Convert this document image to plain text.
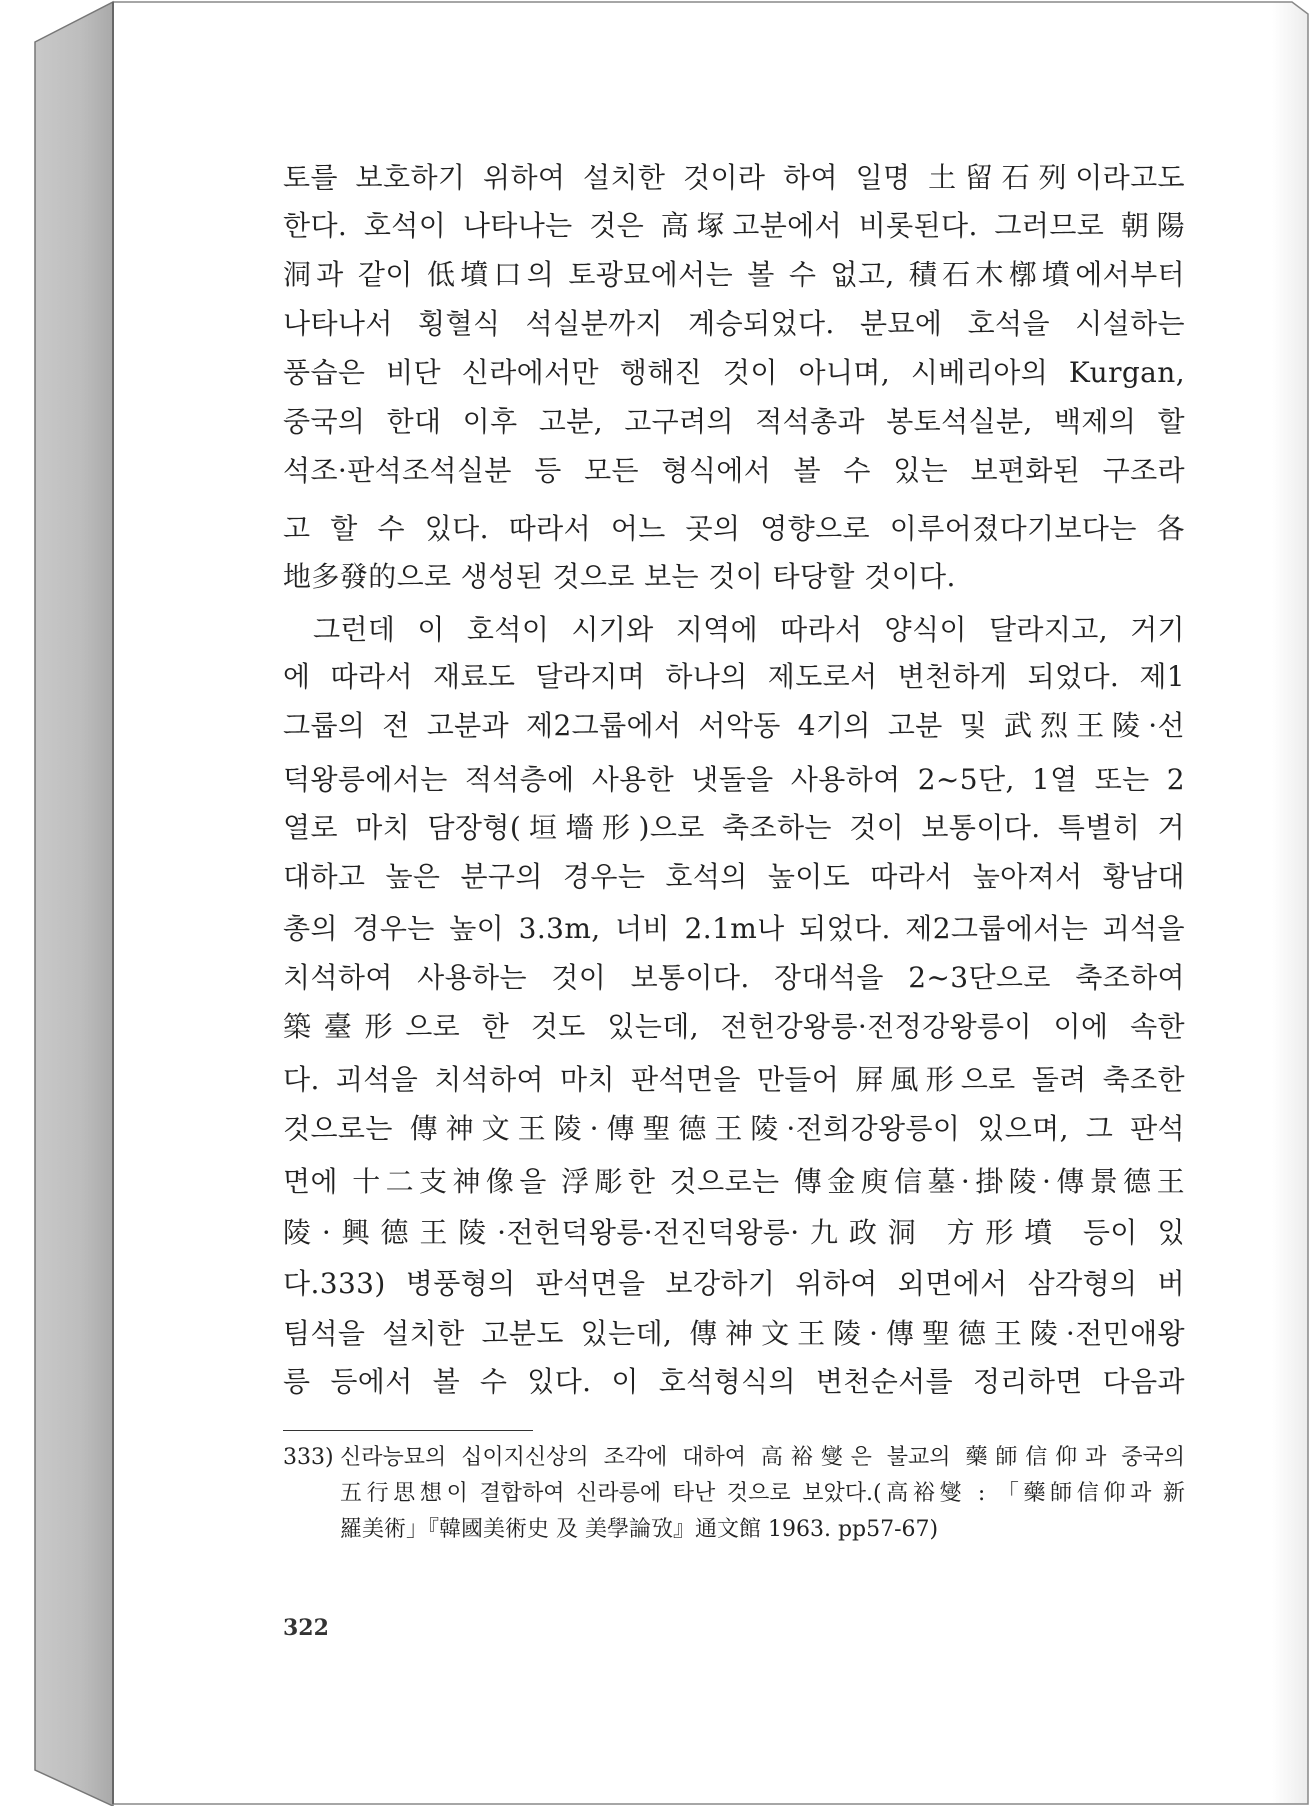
토를 보호하기 위하여 설치한 것이라 하여 일명 土留石列이라고도
한다. 호석이 나타나는 것은 高塚고분에서 비롯된다. 그러므로 朝陽
洞과 같이 低墳口의 토광묘에서는 볼 수 없고, 積石木槨墳에서부터
나타나서 횡혈식 석실분까지 계승되었다. 분묘에 호석을 시설하는
풍습은 비단 신라에서만 행해진 것이 아니며, 시베리아의 Kurgan,
중국의 한대 이후 고분, 고구려의 적석총과 봉토석실분, 백제의 할
석조·판석조석실분 등 모든 형식에서 볼 수 있는 보편화된 구조라
고 할 수 있다. 따라서 어느 곳의 영향으로 이루어졌다기보다는 各
地多發的으로 생성된 것으로 보는 것이 타당할 것이다.
그런데 이 호석이 시기와 지역에 따라서 양식이 달라지고, 거기
에 따라서 재료도 달라지며 하나의 제도로서 변천하게 되었다. 제1
그룹의 전 고분과 제2그룹에서 서악동 4기의 고분 및 武烈王陵·선
덕왕릉에서는 적석층에 사용한 냇돌을 사용하여 2~5단, 1열 또는 2
열로 마치 담장형(垣墻形)으로 축조하는 것이 보통이다. 특별히 거
대하고 높은 분구의 경우는 호석의 높이도 따라서 높아져서 황남대
총의 경우는 높이 3.3m, 너비 2.1m나 되었다. 제2그룹에서는 괴석을
치석하여 사용하는 것이 보통이다. 장대석을 2~3단으로 축조하여
築臺形으로 한 것도 있는데, 전헌강왕릉·전정강왕릉이 이에 속한
다. 괴석을 치석하여 마치 판석면을 만들어 屛風形으로 돌려 축조한
것으로는 傳神文王陵·傳聖德王陵·전희강왕릉이 있으며, 그 판석
면에 十二支神像을 浮彫한 것으로는 傳金庾信墓·掛陵·傳景德王
陵·興德王陵·전헌덕왕릉·전진덕왕릉·九政洞 方形墳 등이 있
다.333) 병풍형의 판석면을 보강하기 위하여 외면에서 삼각형의 버
팀석을 설치한 고분도 있는데, 傳神文王陵·傳聖德王陵·전민애왕
릉 등에서 볼 수 있다. 이 호석형식의 변천순서를 정리하면 다음과
333) 신라능묘의 십이지신상의 조각에 대하여 高裕燮은 불교의 藥師信仰과 중국의
五行思想이 결합하여 신라릉에 타난 것으로 보았다.(高裕燮 : 「藥師信仰과 新
羅美術」『韓國美術史 及 美學論攷』通文館 1963. pp57-67)
322
